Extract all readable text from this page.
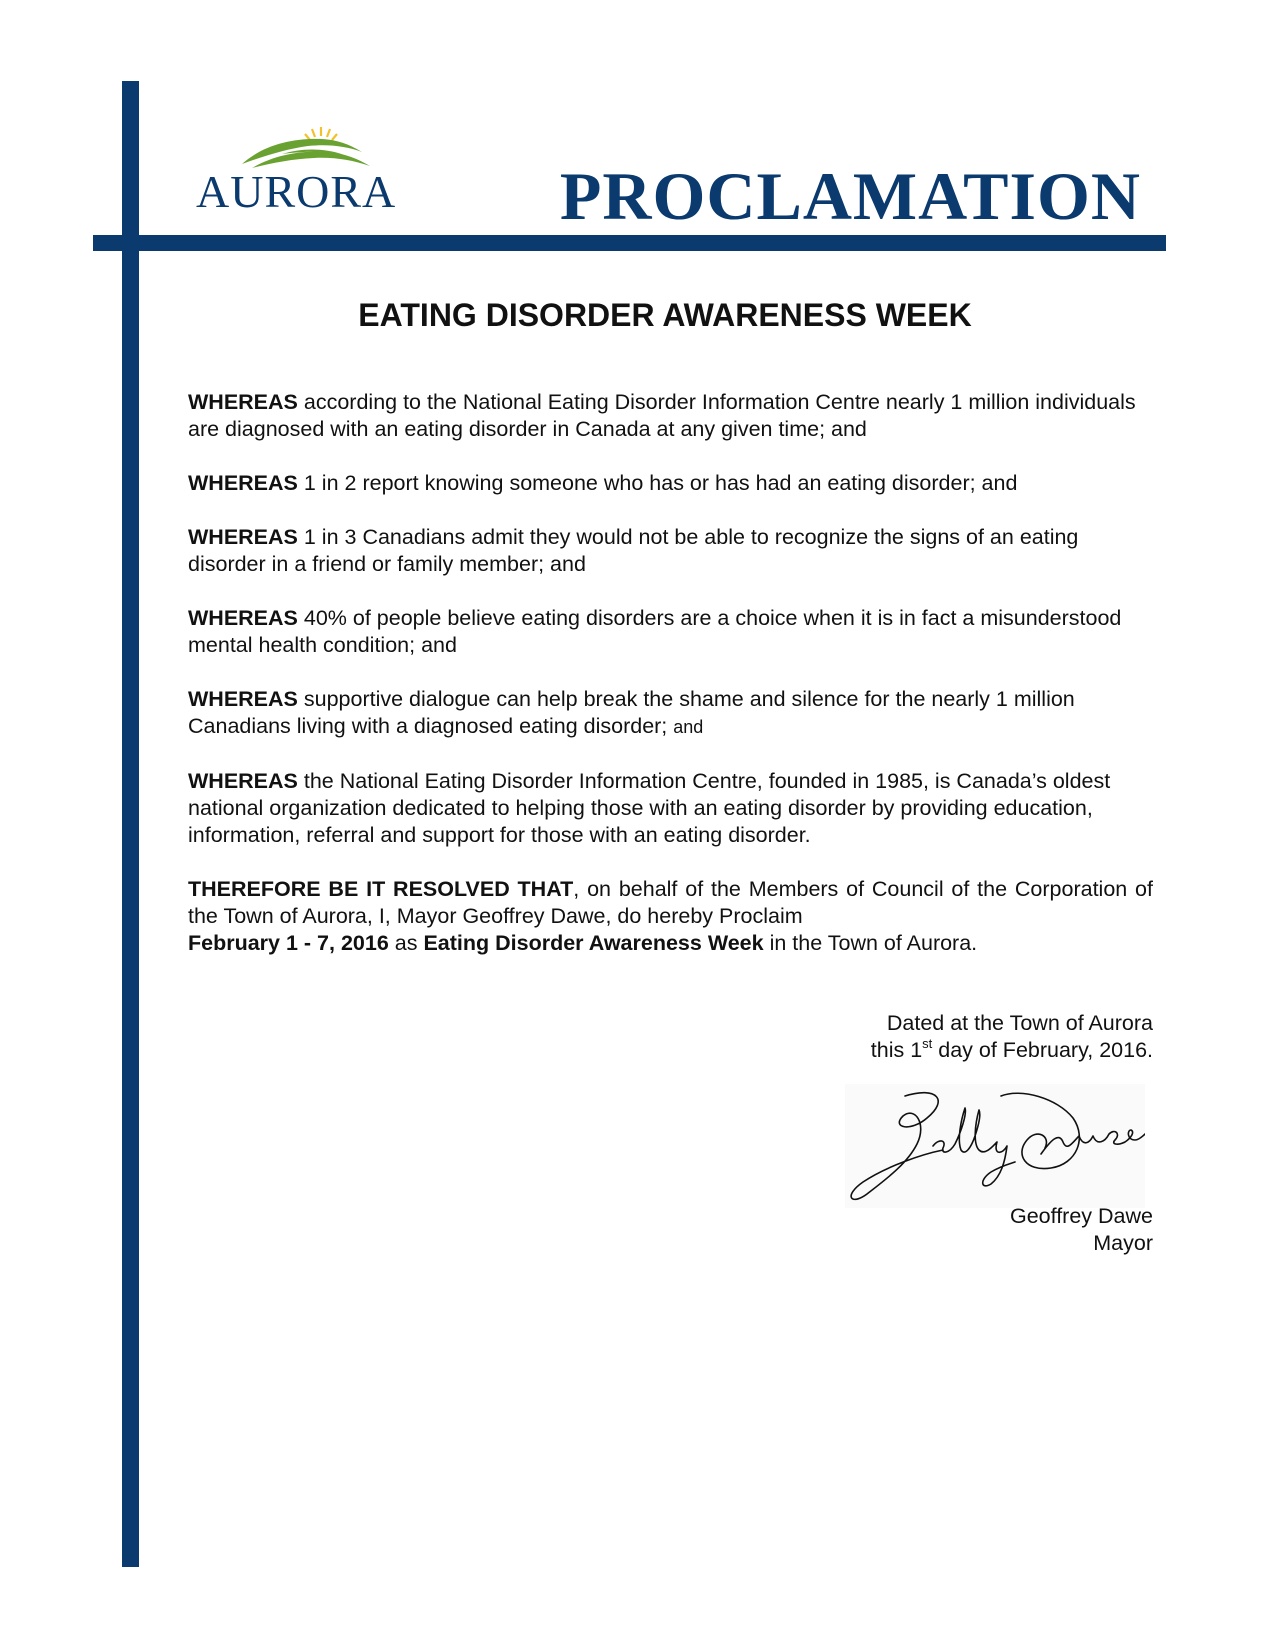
AURORA PROCLAMATION
EATING DISORDER AWARENESS WEEK

WHEREAS according to the National Eating Disorder Information Centre nearly 1 million individuals are diagnosed with an eating disorder in Canada at any given time; and

WHEREAS 1 in 2 report knowing someone who has or has had an eating disorder; and

WHEREAS 1 in 3 Canadians admit they would not be able to recognize the signs of an eating disorder in a friend or family member; and

WHEREAS 40% of people believe eating disorders are a choice when it is in fact a misunderstood mental health condition; and

WHEREAS supportive dialogue can help break the shame and silence for the nearly 1 million Canadians living with a diagnosed eating disorder; and

WHEREAS the National Eating Disorder Information Centre, founded in 1985, is Canada’s oldest national organization dedicated to helping those with an eating disorder by providing education, information, referral and support for those with an eating disorder.

THEREFORE BE IT RESOLVED THAT, on behalf of the Members of Council of the Corporation of the Town of Aurora, I, Mayor Geoffrey Dawe, do hereby Proclaim
February 1 - 7, 2016 as Eating Disorder Awareness Week in the Town of Aurora.

Dated at the Town of Aurora
this 1st day of February, 2016.
Geoffrey Dawe
Mayor
